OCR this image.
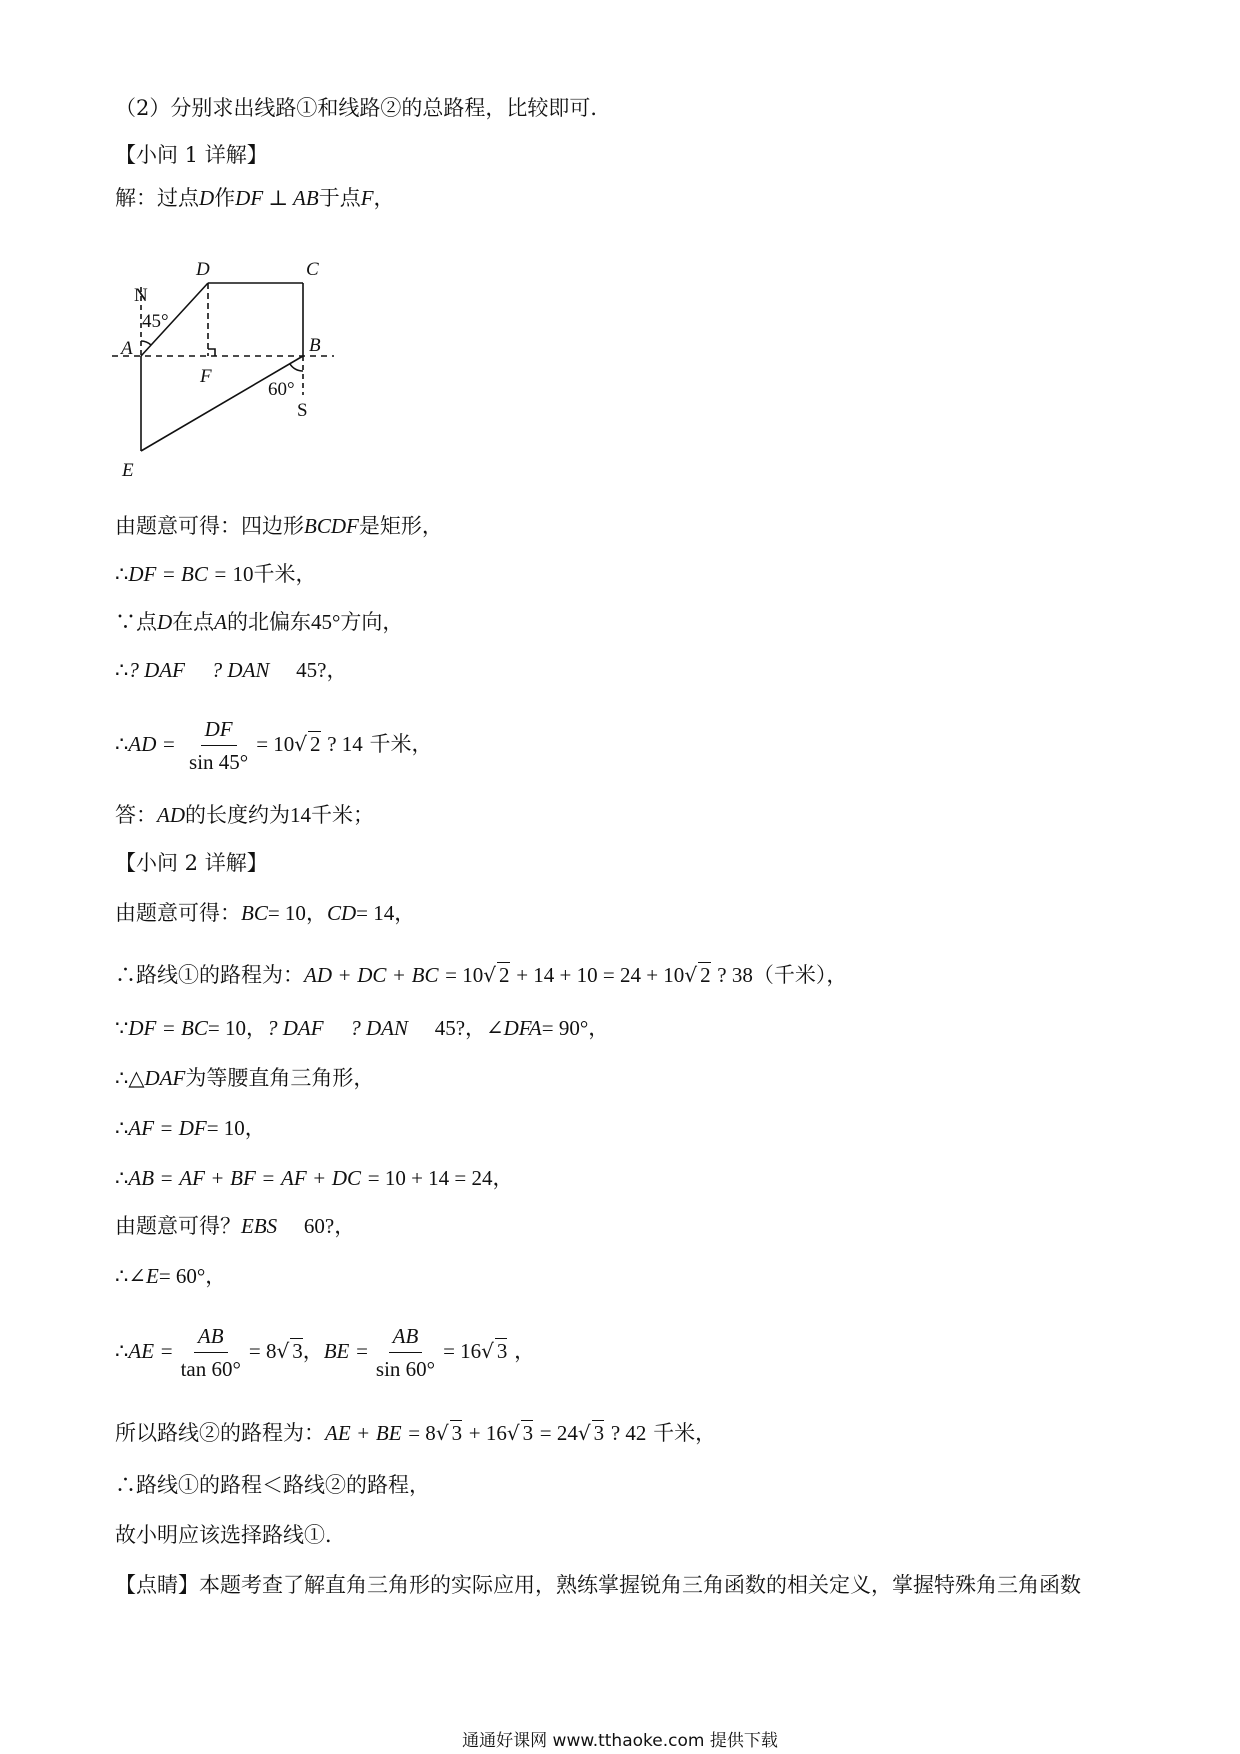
（2）分别求出线路①和线路②的总路程，比较即可．
【小问 1 详解】
解：过点D作DF ⊥ AB于点F，
D	C
N
45°
A	B
F
60°
S
E
由题意可得：四边形BCDF是矩形，
∴DF = BC = 10千米，
∵点D在点A的北偏东45°方向，
∴? DAF ? DAN 45?，
∴AD = $\frac{DF}{\sin 45^\circ} = 10√$ 2 ? 14 千米，
答：AD的长度约为14千米；
【小问 2 详解】
由题意可得：BC= 10，CD= 14，
∴路线①的路程为：AD + DC + BC = 10√ 2 + 14 + 10 = 24 + 10√ 2 ? 38（千米），
∵DF = BC= 10，? DAF ? DAN 45?，∠DFA= 90°，
∴△DAF为等腰直角三角形，
∴AF = DF= 10，
∴AB = AF + BF = AF + DC = 10 + 14 = 24，
由题意可得？EBS 60?，
∴∠E= 60°，
∴AE = $\frac{AB}{\tan 60^\circ} = 8√$ 3，BE = $\frac{AB}{\sin 60^\circ} = 16√$ 3 ，
所以路线②的路程为：AE + BE = 8√ 3 + 16√ 3 = 24√ 3 ? 42 千米，
∴路线①的路程＜路线②的路程，
故小明应该选择路线①．
【点睛】本题考查了解直角三角形的实际应用，熟练掌握锐角三角函数的相关定义，掌握特殊角三角函数
通通好课网 www.tthaoke.com 提供下载
